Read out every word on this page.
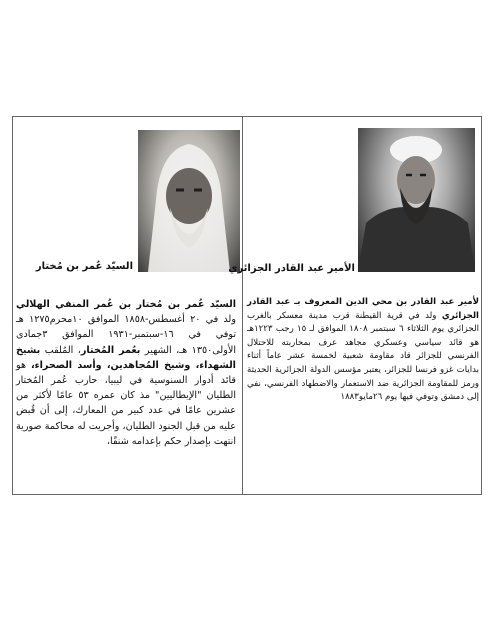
السيّد عُمر بن مُختار	الأمير عبد القادر الجزائري
السيّد عُمر بن مُختار بن عُمر المنفي الهلالي ولد في ٢٠ أغسطس-١٨٥٨ الموافق ١٠محرم١٢٧٥ هـ توفي في ١٦-سبتمبر-١٩٣١ الموافق ٣جمادى الأولى١٣٥٠ هـ، الشهير بعُمر المُختار، المُلقب بشيخ الشهداء، وشيخ المُجاهدين، وأسد الصحراء، هو قائد أدوار السنوسية في ليبيا، حارب عُمر المُختار الطليان "الإيطاليين" مذ كان عمره ٥٣ عامًا لأكثر من عشرين عامًا في عدد كبير من المعارك، إلى أن قُبض عليه من قبل الجنود الطليان، وأجريت له محاكمة صورية انتهت بإصدار حكم بإعدامه شنقًا،
لأمير عبد القادر بن محي الدين المعروف بـ عبد القادر الجزائري ولد في قرية القيطنة قرب مدينة معسكر بالغرب الجزائري يوم الثلاثاء ٦ سبتمبر ١٨٠٨ الموافق لـ ١٥ رجب ١٢٢٣هـ هو قائد سياسي وعسكري مجاهد عرف بمحاربته للاحتلال الفرنسي للجزائر قاد مقاومة شعبية لخمسة عشر عاماً أثناء بدايات غزو فرنسا للجزائر، يعتبر مؤسس الدولة الجزائرية الحديثة ورمز للمقاومة الجزائرية ضد الاستعمار والاضطهاد الفرنسي، نفي إلى دمشق وتوفي فيها يوم ٢٦مايو١٨٨٣
